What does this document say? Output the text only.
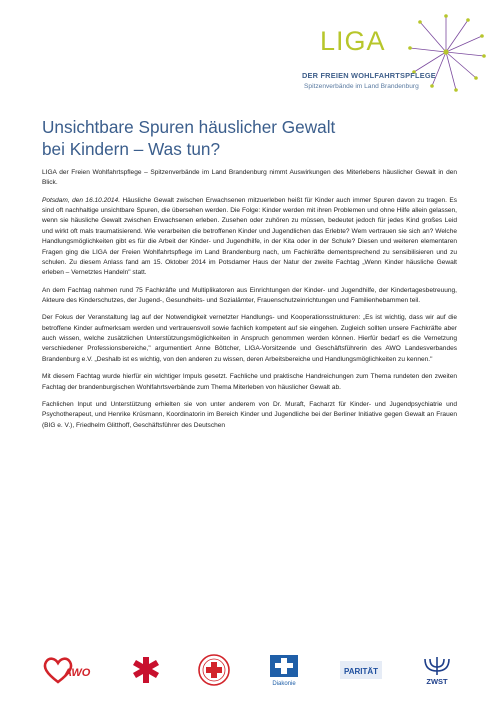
LIGA
DER FREIEN WOHLFAHRTSPFLEGE
Spitzenverbände im Land Brandenburg
Unsichtbare Spuren häuslicher Gewalt
bei Kindern – Was tun?

LIGA der Freien Wohlfahrtspflege – Spitzenverbände im Land Brandenburg nimmt Auswirkungen des Miterlebens häuslicher Gewalt in den Blick.

Potsdam, den 16.10.2014. Häusliche Gewalt zwischen Erwachsenen mitzuerleben heißt für Kinder auch immer Spuren davon zu tragen. Es sind oft nachhaltige unsichtbare Spuren, die übersehen werden. Die Folge: Kinder werden mit ihren Problemen und ohne Hilfe allein gelassen, wenn sie häusliche Gewalt zwischen Erwachsenen erleben. Zusehen oder zuhören zu müssen, bedeutet jedoch für jedes Kind großes Leid und wirkt oft mals traumatisierend. Wie verarbeiten die betroffenen Kinder und Jugendlichen das Erlebte? Wem vertrauen sie sich an? Welche Handlungsmöglichkeiten gibt es für die Arbeit der Kinder- und Jugendhilfe, in der Kita oder in der Schule? Diesen und weiteren elementaren Fragen ging die LIGA der Freien Wohlfahrtspflege im Land Brandenburg nach, um Fachkräfte dementsprechend zu sensibilisieren und zu schulen. Zu diesem Anlass fand am 15. Oktober 2014 im Potsdamer Haus der Natur der zweite Fachtag „Wenn Kinder häusliche Gewalt erleben – Vernetztes Handeln" statt.

An dem Fachtag nahmen rund 75 Fachkräfte und Multiplikatoren aus Einrichtungen der Kinder- und Jugendhilfe, der Kindertagesbetreuung, Akteure des Kinderschutzes, der Jugend-, Gesundheits- und Sozialämter, Frauenschutzeinrichtungen und Familienhebammen teil.

Der Fokus der Veranstaltung lag auf der Notwendigkeit vernetzter Handlungs- und Kooperationsstrukturen: „Es ist wichtig, dass wir auf die betroffene Kinder aufmerksam werden und vertrauensvoll sowie fachlich kompetent auf sie eingehen. Zugleich sollten unsere Fachkräfte aber auch wissen, welche zusätzlichen Unterstützungsmöglichkeiten in Anspruch genommen werden können. Hierfür bedarf es die Vernetzung verschiedener Professionsbereiche," argumentiert Anne Böttcher, LIGA-Vorsitzende und Geschäftsführerin des AWO Landesverbandes Brandenburg e.V. „Deshalb ist es wichtig, von den anderen zu wissen, deren Arbeitsbereiche und Handlungsmöglichkeiten zu kennen."

Mit diesem Fachtag wurde hierfür ein wichtiger Impuls gesetzt. Fachliche und praktische Handreichungen zum Thema rundeten den zweiten Fachtag der brandenburgischen Wohlfahrtsverbände zum Thema Miterleben von häuslicher Gewalt ab.

Fachlichen Input und Unterstützung erhielten sie von unter anderem von Dr. Muraft, Facharzt für Kinder- und Jugendpsychiatrie und Psychotherapeut, und Henrike Krüsmann, Koordinatorin im Bereich Kinder und Jugendliche bei der Berliner Initiative gegen Gewalt an Frauen (BIG e. V.), Friedhelm Glitthoff, Geschäftsführer des Deutschen

AWO
Diakonie
PARITÄT
ZWST
